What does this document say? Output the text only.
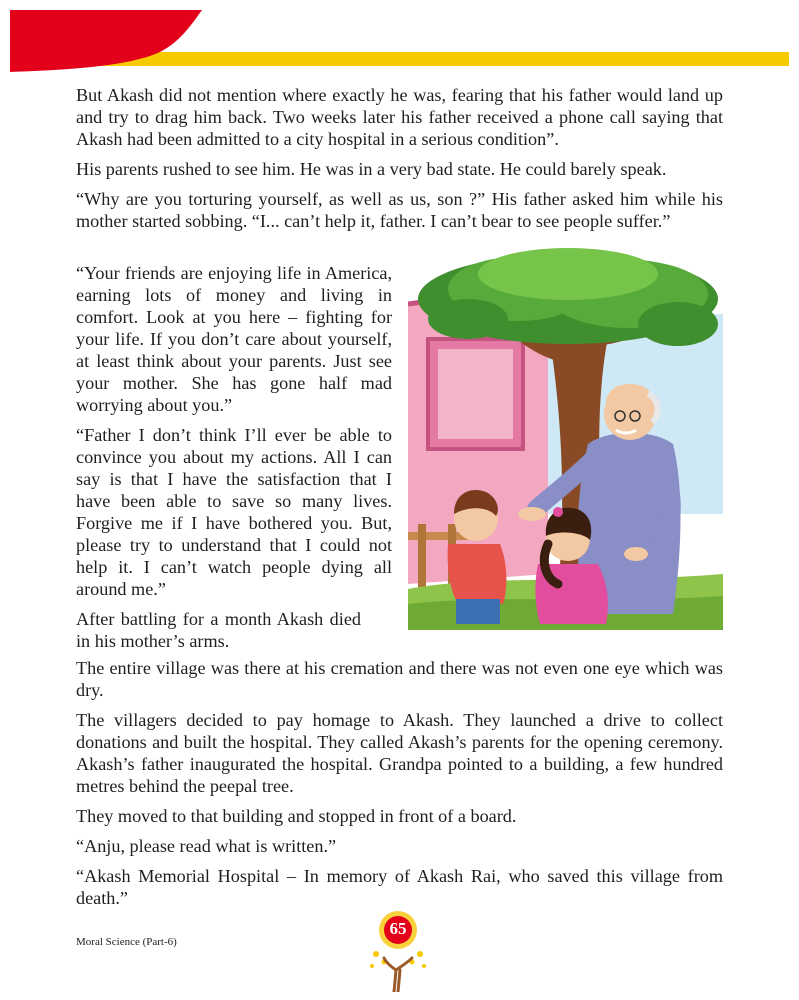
But Akash did not mention where exactly he was, fearing that his father would land up and try to drag him back. Two weeks later his father received a phone call saying that Akash had been admitted to a city hospital in a serious condition”.

His parents rushed to see him. He was in a very bad state. He could barely speak.

“Why are you torturing yourself, as well as us, son ?” His father asked him while his mother started sobbing. “I... can’t help it, father. I can’t bear to see people suffer.”

“Your friends are enjoying life in America, earning lots of money and living in comfort. Look at you here – fighting for your life. If you don’t care about yourself, at least think about your parents. Just see your mother. She has gone half mad worrying about you.”

“Father I don’t think I’ll ever be able to convince you about my actions. All I can say is that I have the satisfaction that I have been able to save so many lives. Forgive me if I have bothered you. But, please try to understand that I could not help it. I can’t watch people dying all around me.”

After battling for a month Akash died in his mother’s arms.

The entire village was there at his cremation and there was not even one eye which was dry.

The villagers decided to pay homage to Akash. They launched a drive to collect donations and built the hospital. They called Akash’s parents for the opening ceremony. Akash’s father inaugurated the hospital. Grandpa pointed to a building, a few hundred metres behind the peepal tree.

They moved to that building and stopped in front of a board.

“Anju, please read what is written.”

“Akash Memorial Hospital – In memory of Akash Rai, who saved this village from death.”

Moral Science (Part-6)
65
